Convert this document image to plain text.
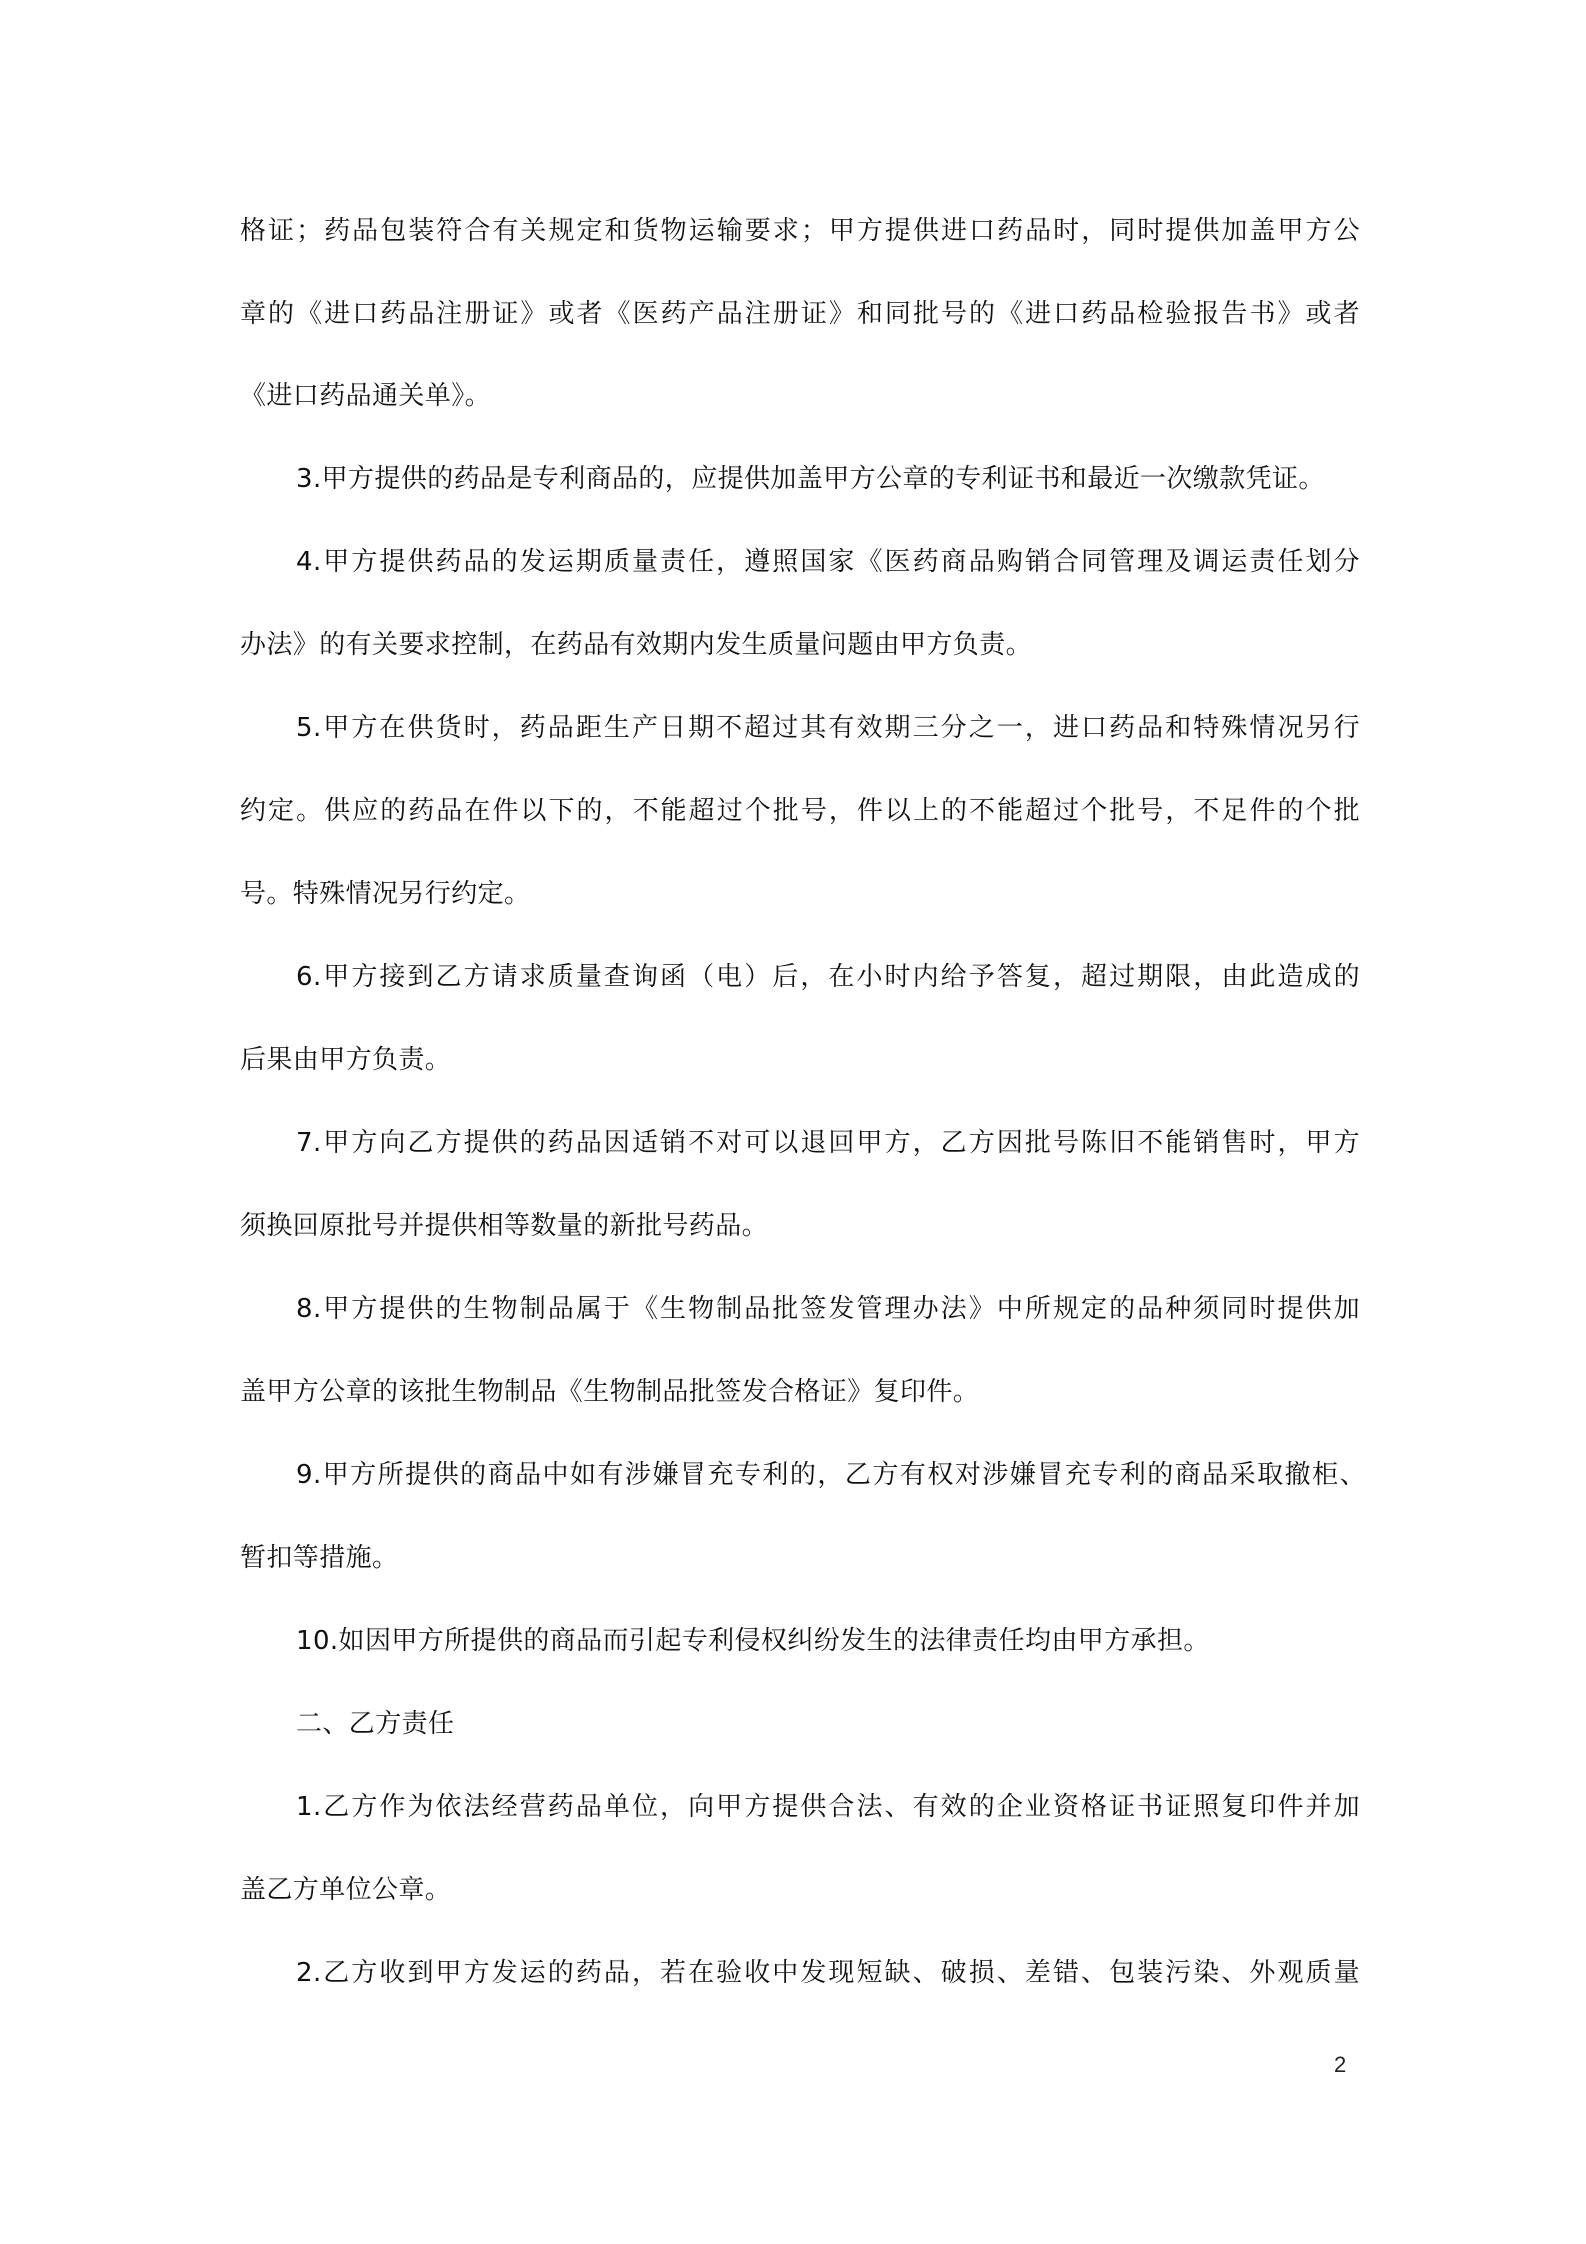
格证；药品包装符合有关规定和货物运输要求；甲方提供进口药品时，同时提供加盖甲方公
章的《进口药品注册证》或者《医药产品注册证》和同批号的《进口药品检验报告书》或者
《进口药品通关单》。
3.甲方提供的药品是专利商品的，应提供加盖甲方公章的专利证书和最近一次缴款凭证。
4.甲方提供药品的发运期质量责任，遵照国家《医药商品购销合同管理及调运责任划分
办法》的有关要求控制，在药品有效期内发生质量问题由甲方负责。
5.甲方在供货时，药品距生产日期不超过其有效期三分之一，进口药品和特殊情况另行
约定。供应的药品在件以下的，不能超过个批号，件以上的不能超过个批号，不足件的个批
号。特殊情况另行约定。
6.甲方接到乙方请求质量查询函（电）后，在小时内给予答复，超过期限，由此造成的
后果由甲方负责。
7.甲方向乙方提供的药品因适销不对可以退回甲方，乙方因批号陈旧不能销售时，甲方
须换回原批号并提供相等数量的新批号药品。
8.甲方提供的生物制品属于《生物制品批签发管理办法》中所规定的品种须同时提供加
盖甲方公章的该批生物制品《生物制品批签发合格证》复印件。
9.甲方所提供的商品中如有涉嫌冒充专利的，乙方有权对涉嫌冒充专利的商品采取撤柜、
暂扣等措施。
10.如因甲方所提供的商品而引起专利侵权纠纷发生的法律责任均由甲方承担。
二、乙方责任
1.乙方作为依法经营药品单位，向甲方提供合法、有效的企业资格证书证照复印件并加
盖乙方单位公章。
2.乙方收到甲方发运的药品，若在验收中发现短缺、破损、差错、包装污染、外观质量
2
